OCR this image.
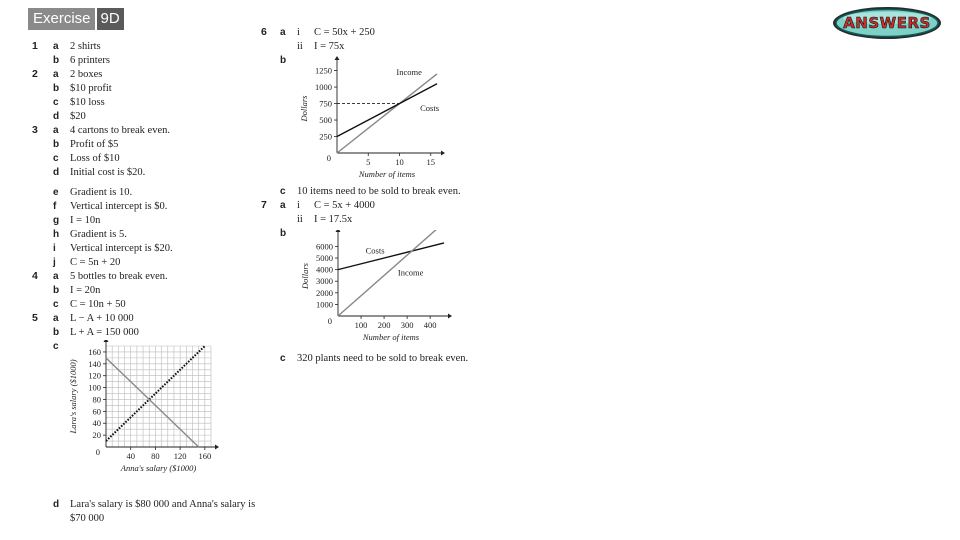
Exercise 9D	ANSWERS
1 a 2 shirts
b 6 printers
2 a 2 boxes
b $10 profit
c $10 loss
d $20
3 a 4 cartons to break even.
b Profit of $5
c Loss of $10
d Initial cost is $20.
e Gradient is 10.
f Vertical intercept is $0.
g I = 10n
h Gradient is 5.
i Vertical intercept is $20.
j C = 5n + 20
4 a 5 bottles to break even.
b I = 20n
c C = 10n + 50
5 a L − A + 10 000
b L + A = 150 000
c
d Lara's salary is $80 000 and Anna's salary is
$70 000
6 a i C = 50x + 250
ii I = 75x
b
c 10 items need to be sold to break even.
7 a i C = 5x + 4000
ii I = 17.5x
b
c 320 plants need to be sold to break even.
5	10	15
250
500
750
1000
1250
0
Number of items
Dollars
Income
Costs
100 200 300 400
1000
2000
3000
4000
5000
6000
0
Number of items
Dollars
Costs
Income
40 80 120 160
20
40
60
80
100
120
140
160
0
Anna's salary ($1000)
Lara's salary ($1000)
